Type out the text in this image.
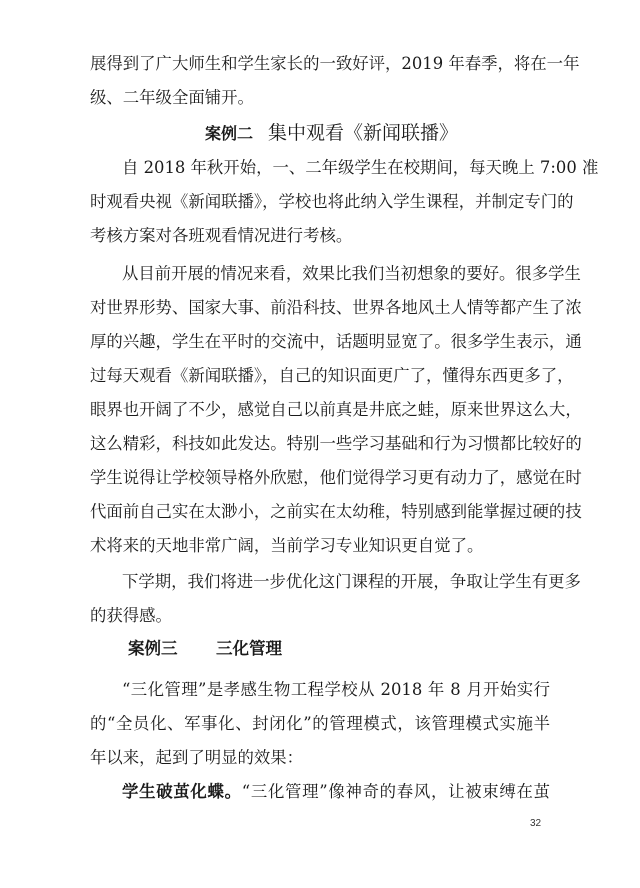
展得到了广大师生和学生家长的一致好评，2019 年春季，将在一年
级、二年级全面铺开。
案例二 集中观看《新闻联播》
自 2018 年秋开始，一、二年级学生在校期间，每天晚上 7:00 准
时观看央视《新闻联播》，学校也将此纳入学生课程，并制定专门的
考核方案对各班观看情况进行考核。
从目前开展的情况来看，效果比我们当初想象的要好。很多学生
对世界形势、国家大事、前沿科技、世界各地风土人情等都产生了浓
厚的兴趣，学生在平时的交流中，话题明显宽了。很多学生表示，通
过每天观看《新闻联播》，自己的知识面更广了，懂得东西更多了，
眼界也开阔了不少，感觉自己以前真是井底之蛙，原来世界这么大，
这么精彩，科技如此发达。特别一些学习基础和行为习惯都比较好的
学生说得让学校领导格外欣慰，他们觉得学习更有动力了，感觉在时
代面前自己实在太渺小，之前实在太幼稚，特别感到能掌握过硬的技
术将来的天地非常广阔，当前学习专业知识更自觉了。
下学期，我们将进一步优化这门课程的开展，争取让学生有更多
的获得感。
案例三 三化管理
“三化管理”是孝感生物工程学校从 2018 年 8 月开始实行
的“全员化、军事化、封闭化”的管理模式，该管理模式实施半
年以来，起到了明显的效果：
学生破茧化蝶。“三化管理”像神奇的春风，让被束缚在茧
32
